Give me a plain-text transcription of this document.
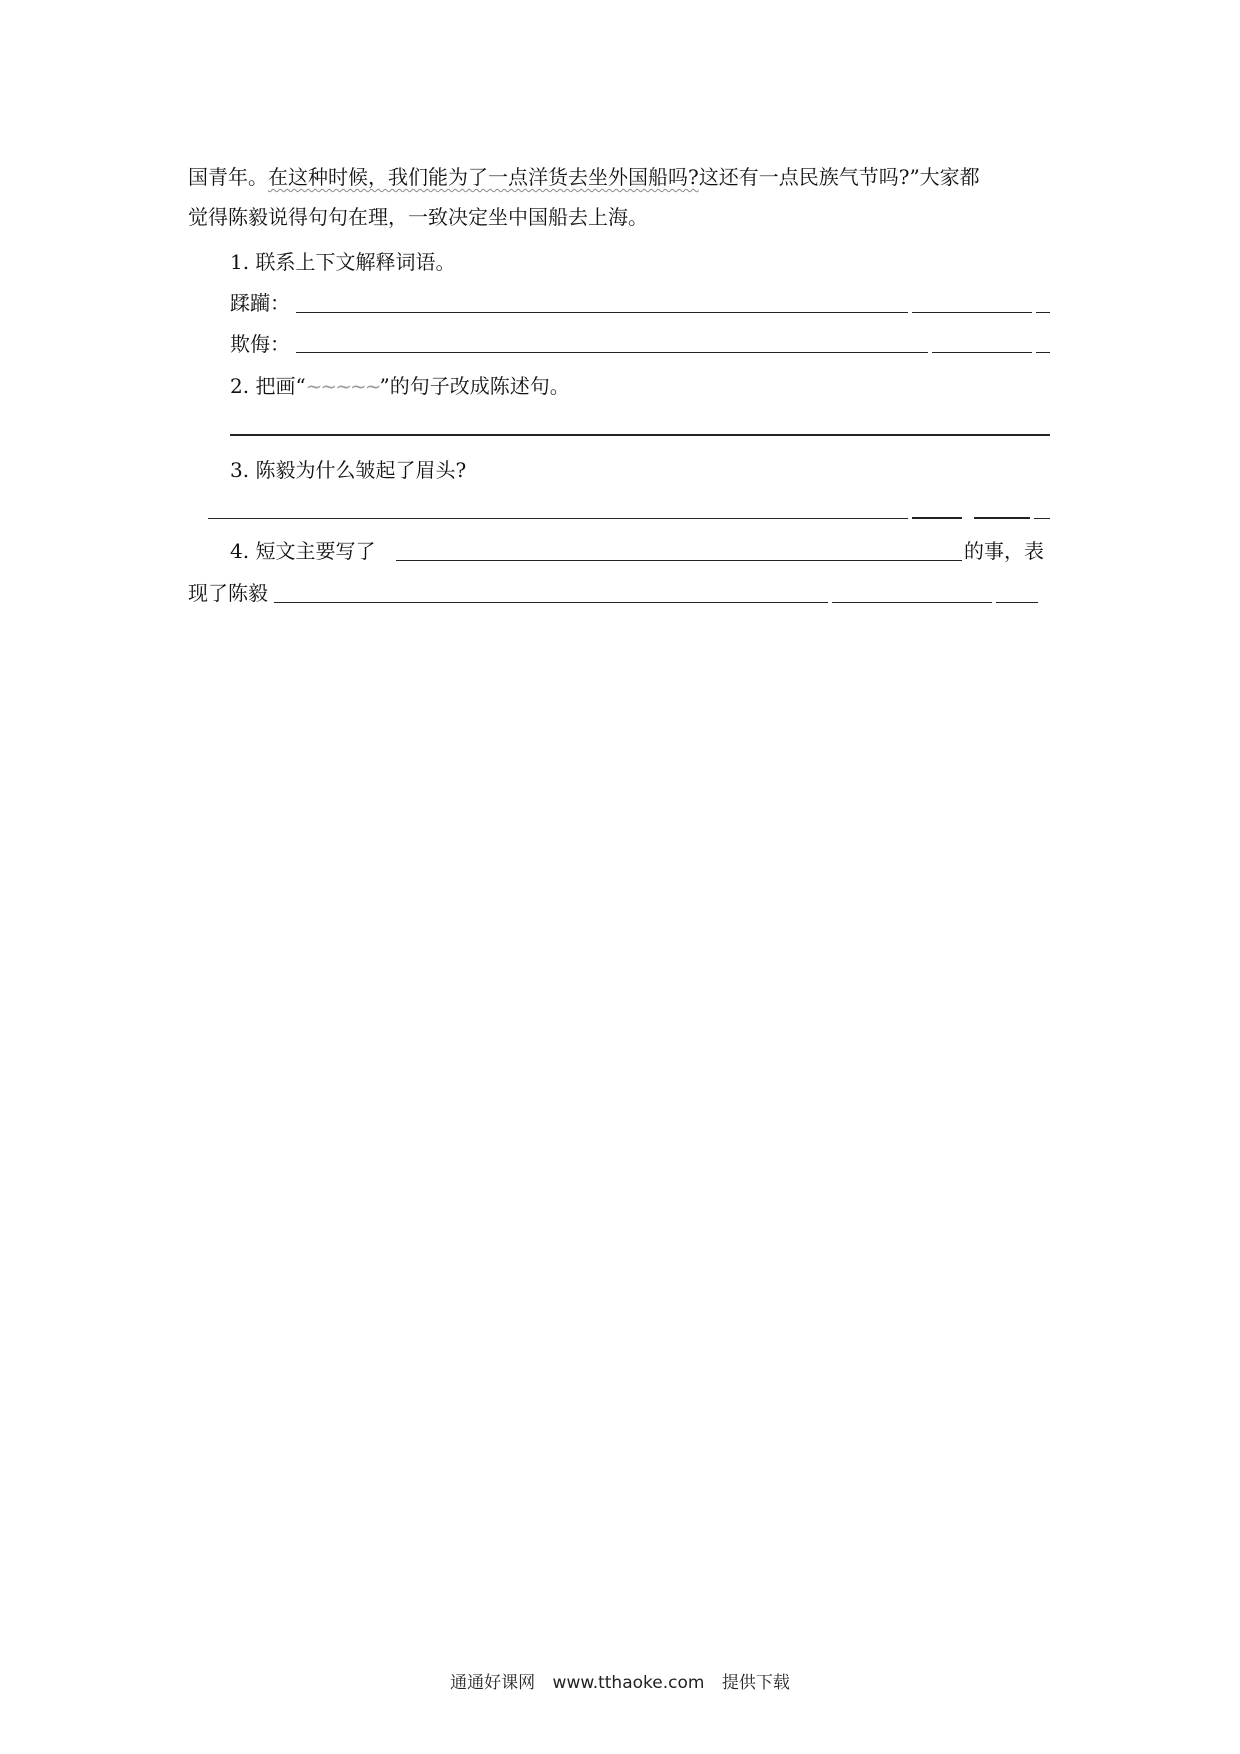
国青年。在这种时候，我们能为了一点洋货去坐外国船吗?这还有一点民族气节吗?”大家都
觉得陈毅说得句句在理，一致决定坐中国船去上海。
1. 联系上下文解释词语。
蹂躏：
欺侮：
2. 把画“~~~~~”的句子改成陈述句。
3. 陈毅为什么皱起了眉头?
4. 短文主要写了	的事，表
现了陈毅
通通好课网 www.tthaoke.com 提供下载
